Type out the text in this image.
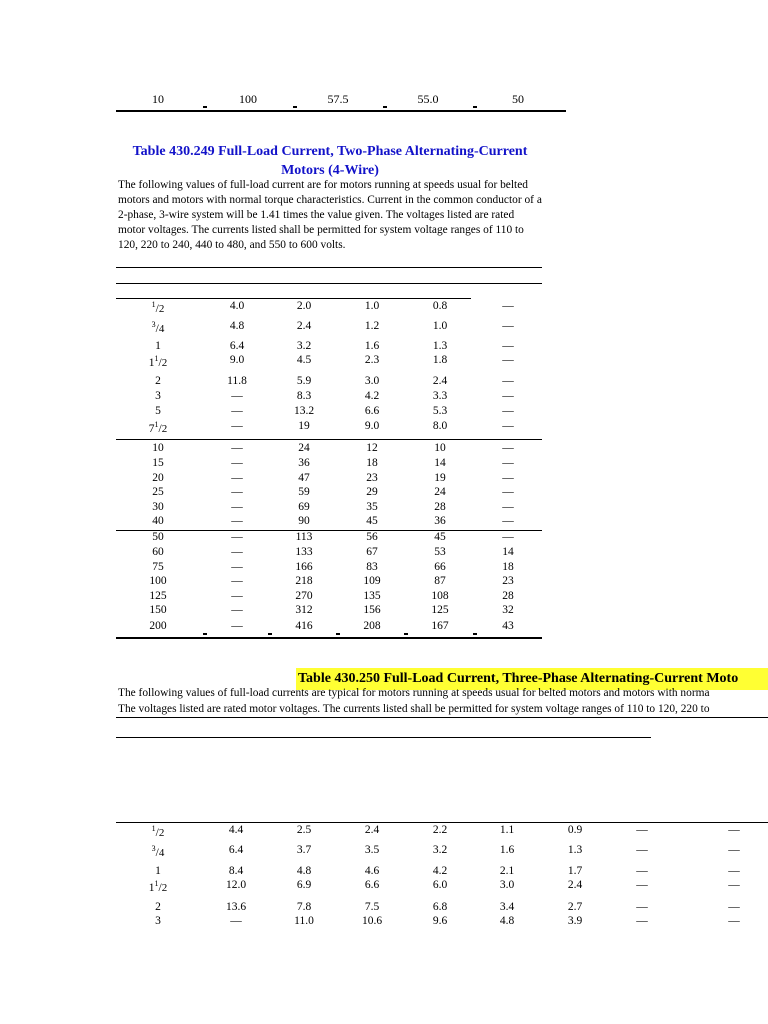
10	100	57.5	55.0	50
Table 430.249 Full-Load Current, Two-Phase Alternating-Current Motors (4-Wire)
The following values of full-load current are for motors running at speeds usual for belted motors and motors with normal torque characteristics. Current in the common conductor of a 2-phase, 3-wire system will be 1.41 times the value given. The voltages listed are rated motor voltages. The currents listed shall be permitted for system voltage ranges of 110 to 120, 220 to 240, 440 to 480, and 550 to 600 volts.
$^1$/2	4.0	2.0	1.0	0.8	—
$^3$/4	4.8	2.4	1.2	1.0	—
1	6.4	3.2	1.6	1.3	—
$1^1/2$	9.0	4.5	2.3	1.8	—
2	11.8	5.9	3.0	2.4	—
3	—	8.3	4.2	3.3	—
5	—	13.2	6.6	5.3	—
$7^1/2$	—	19	9.0	8.0	—
10	—	24	12	10	—
15	—	36	18	14	—
20	—	47	23	19	—
25	—	59	29	24	—
30	—	69	35	28	—
40	—	90	45	36	—
50	—	113	56	45	—
60	—	133	67	53	14
75	—	166	83	66	18
100	—	218	109	87	23
125	—	270	135	108	28
150	—	312	156	125	32
200	—	416	208	167	43
Table 430.250 Full-Load Current, Three-Phase Alternating-Current Moto
The following values of full-load currents are typical for motors running at speeds usual for belted motors and motors with norma
The voltages listed are rated motor voltages. The currents listed shall be permitted for system voltage ranges of 110 to 120, 220 to
$^1$/2	4.4	2.5	2.4	2.2	1.1	0.9	—	—
$^3$/4	6.4	3.7	3.5	3.2	1.6	1.3	—	—
1	8.4	4.8	4.6	4.2	2.1	1.7	—	—
$1^1/2$	12.0	6.9	6.6	6.0	3.0	2.4	—	—
2	13.6	7.8	7.5	6.8	3.4	2.7	—	—
3	—	11.0	10.6	9.6	4.8	3.9	—	—
